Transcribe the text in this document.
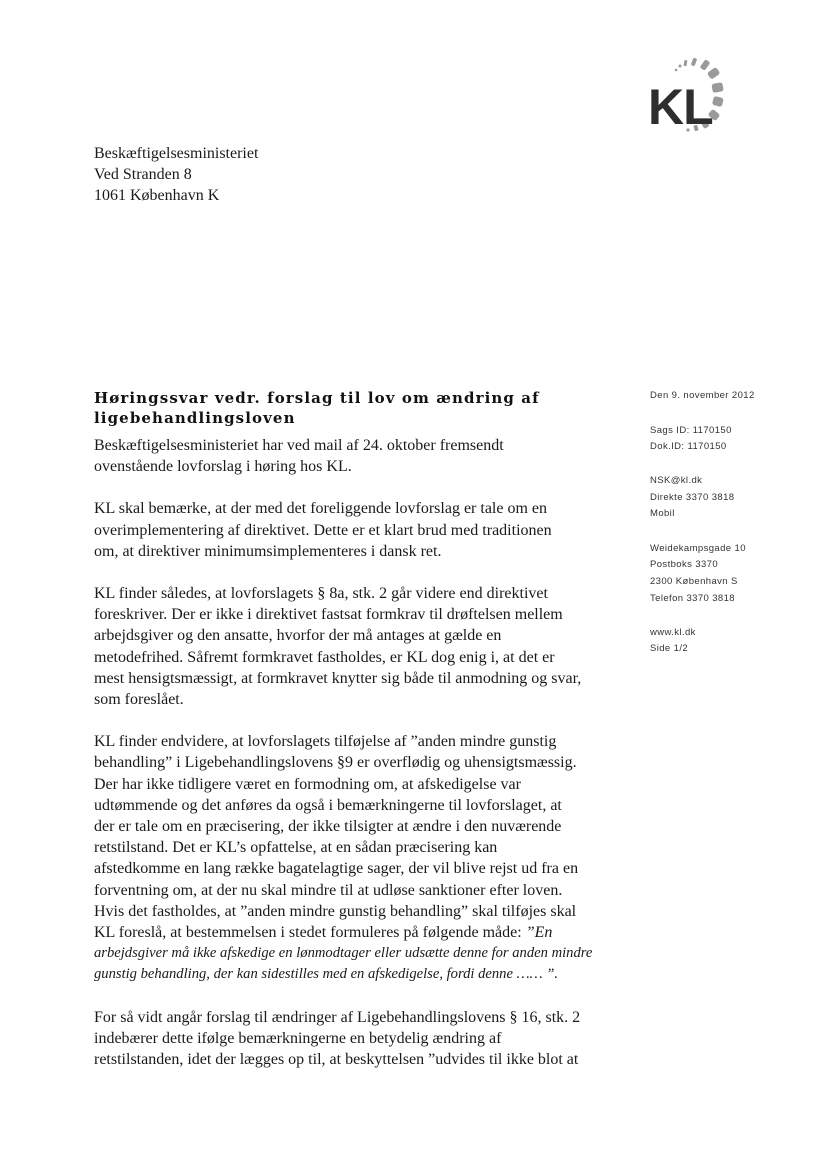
KL
Beskæftigelsesministeriet
Ved Stranden 8
1061 København K
Den 9. november 2012
Sags ID: 1170150
Dok.ID: 1170150
NSK@kl.dk
Direkte 3370 3818
Mobil
Weidekampsgade 10
Postboks 3370
2300 København S
Telefon 3370 3818
www.kl.dk
Side 1/2
Høringssvar vedr. forslag til lov om ændring af
ligebehandlingsloven
Beskæftigelsesministeriet har ved mail af 24. oktober fremsendt
ovenstående lovforslag i høring hos KL.
KL skal bemærke, at der med det foreliggende lovforslag er tale om en
overimplementering af direktivet. Dette er et klart brud med traditionen
om, at direktiver minimumsimplementeres i dansk ret.
KL finder således, at lovforslagets § 8a, stk. 2 går videre end direktivet
foreskriver. Der er ikke i direktivet fastsat formkrav til drøftelsen mellem
arbejdsgiver og den ansatte, hvorfor der må antages at gælde en
metodefrihed. Såfremt formkravet fastholdes, er KL dog enig i, at det er
mest hensigtsmæssigt, at formkravet knytter sig både til anmodning og svar,
som foreslået.
KL finder endvidere, at lovforslagets tilføjelse af ”anden mindre gunstig
behandling” i Ligebehandlingslovens §9 er overflødig og uhensigtsmæssig.
Der har ikke tidligere været en formodning om, at afskedigelse var
udtømmende og det anføres da også i bemærkningerne til lovforslaget, at
der er tale om en præcisering, der ikke tilsigter at ændre i den nuværende
retstilstand. Det er KL’s opfattelse, at en sådan præcisering kan
afstedkomme en lang række bagatelagtige sager, der vil blive rejst ud fra en
forventning om, at der nu skal mindre til at udløse sanktioner efter loven.
Hvis det fastholdes, at ”anden mindre gunstig behandling” skal tilføjes skal
KL foreslå, at bestemmelsen i stedet formuleres på følgende måde: ”En
arbejdsgiver må ikke afskedige en lønmodtager eller udsætte denne for anden mindre
gunstig behandling, der kan sidestilles med en afskedigelse, fordi denne …… ”.
For så vidt angår forslag til ændringer af Ligebehandlingslovens § 16, stk. 2
indebærer dette ifølge bemærkningerne en betydelig ændring af
retstilstanden, idet der lægges op til, at beskyttelsen ”udvides til ikke blot at
